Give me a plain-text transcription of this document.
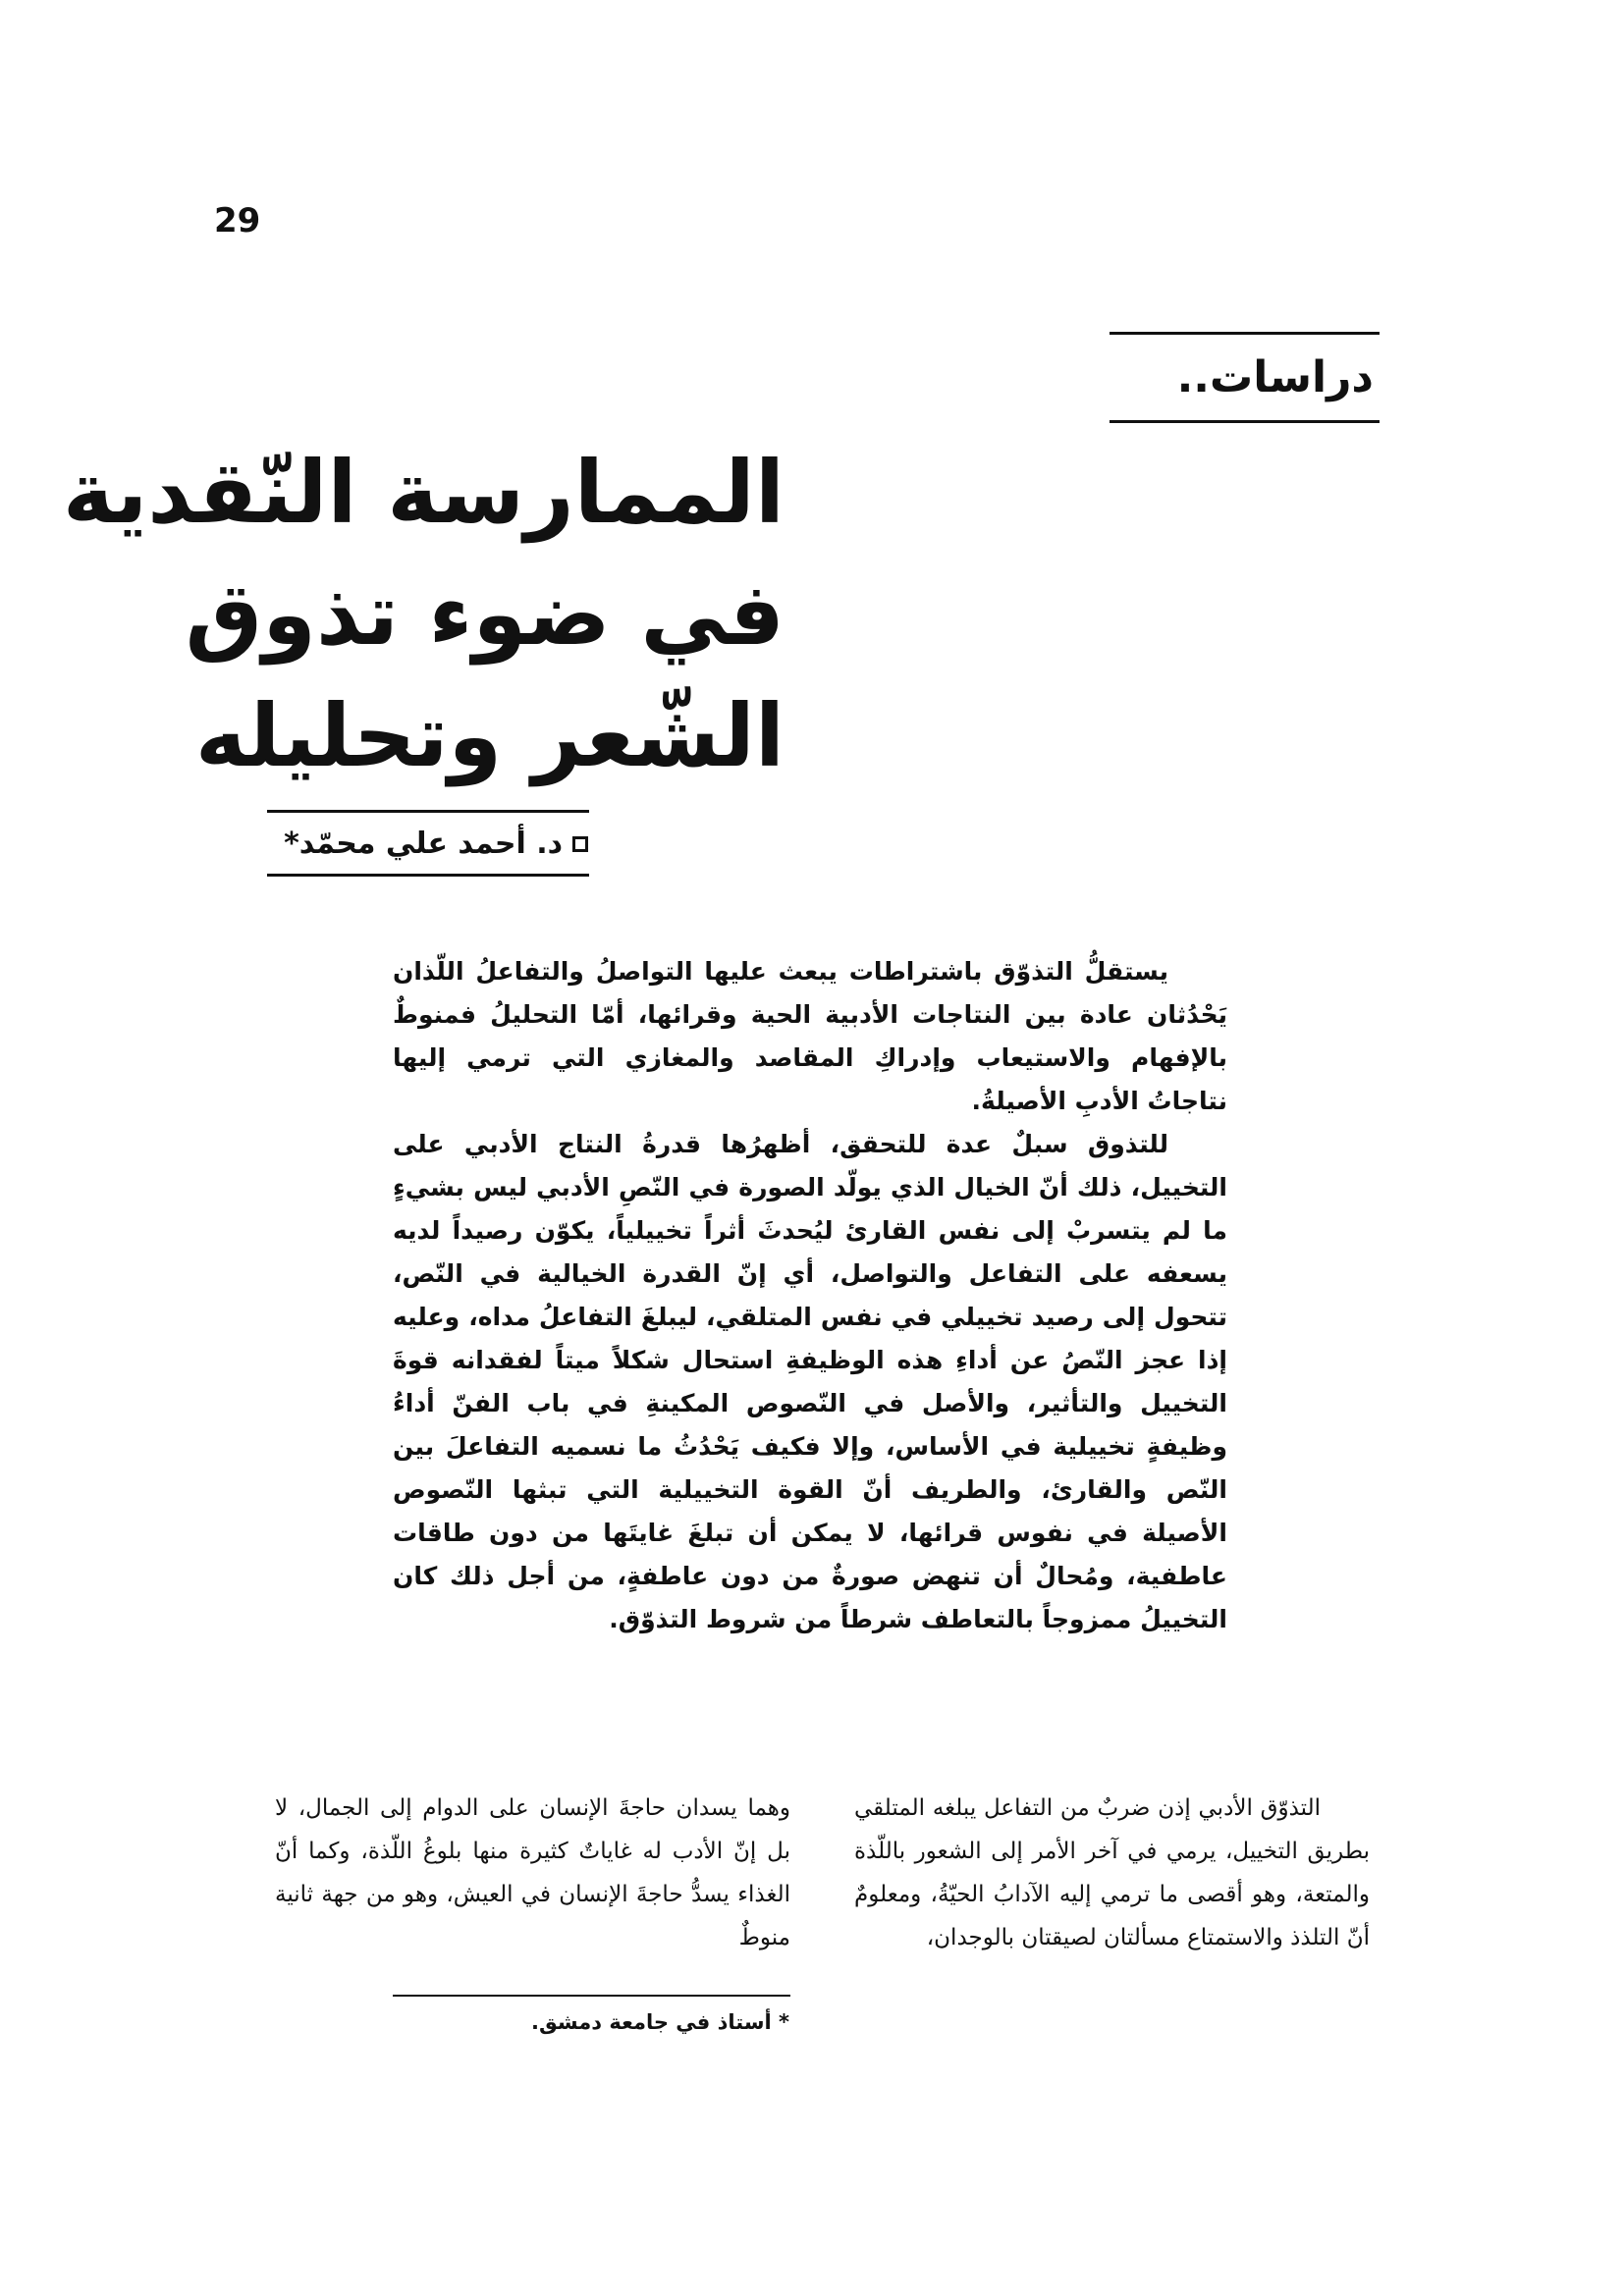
29
دراسات..
الممارسة النّقدية
في ضوء تذوق
الشّعر وتحليله
د. أحمد علي محمّد*

يستقلُّ التذوّق باشتراطات يبعث عليها التواصلُ والتفاعلُ اللّذان يَحْدُثان عادة بين النتاجات الأدبية الحية وقرائها، أمّا التحليلُ فمنوطٌ بالإفهام والاستيعاب وإدراكِ المقاصد والمغازي التي ترمي إليها نتاجاتُ الأدبِ الأصيلةُ.

للتذوق سبلٌ عدة للتحقق، أظهرُها قدرةُ النتاج الأدبي على التخييل، ذلك أنّ الخيال الذي يولّد الصورة في النّصِ الأدبي ليس بشيءٍ ما لم يتسربْ إلى نفس القارئ ليُحدثَ أثراً تخييلياً، يكوّن رصيداً لديه يسعفه على التفاعل والتواصل، أي إنّ القدرة الخيالية في النّص، تتحول إلى رصيد تخييلي في نفس المتلقي، ليبلغَ التفاعلُ مداه، وعليه إذا عجز النّصُ عن أداءِ هذه الوظيفةِ استحال شكلاً ميتاً لفقدانه قوةَ التخييل والتأثير، والأصل في النّصوص المكينةِ في باب الفنّ أداءُ وظيفةٍ تخييلية في الأساس، وإلا فكيف يَحْدُثُ ما نسميه التفاعلَ بين النّص والقارئ، والطريف أنّ القوة التخييلية التي تبثها النّصوص الأصيلة في نفوس قرائها، لا يمكن أن تبلغَ غايتَها من دون طاقات عاطفية، ومُحالٌ أن تنهض صورةٌ من دون عاطفةٍ، من أجل ذلك كان التخييلُ ممزوجاً بالتعاطف شرطاً من شروط التذوّق.

التذوّق الأدبي إذن ضربٌ من التفاعل يبلغه المتلقي بطريق التخييل، يرمي في آخر الأمر إلى الشعور باللّذة والمتعة، وهو أقصى ما ترمي إليه الآدابُ الحيّةُ، ومعلومٌ أنّ التلذذ والاستمتاع مسألتان لصيقتان بالوجدان،

وهما يسدان حاجةَ الإنسان على الدوام إلى الجمال، لا بل إنّ الأدب له غاياتٌ كثيرة منها بلوغُ اللّذة، وكما أنّ الغذاء يسدُّ حاجةَ الإنسان في العيش، وهو من جهة ثانية منوطٌ

* أستاذ في جامعة دمشق.
